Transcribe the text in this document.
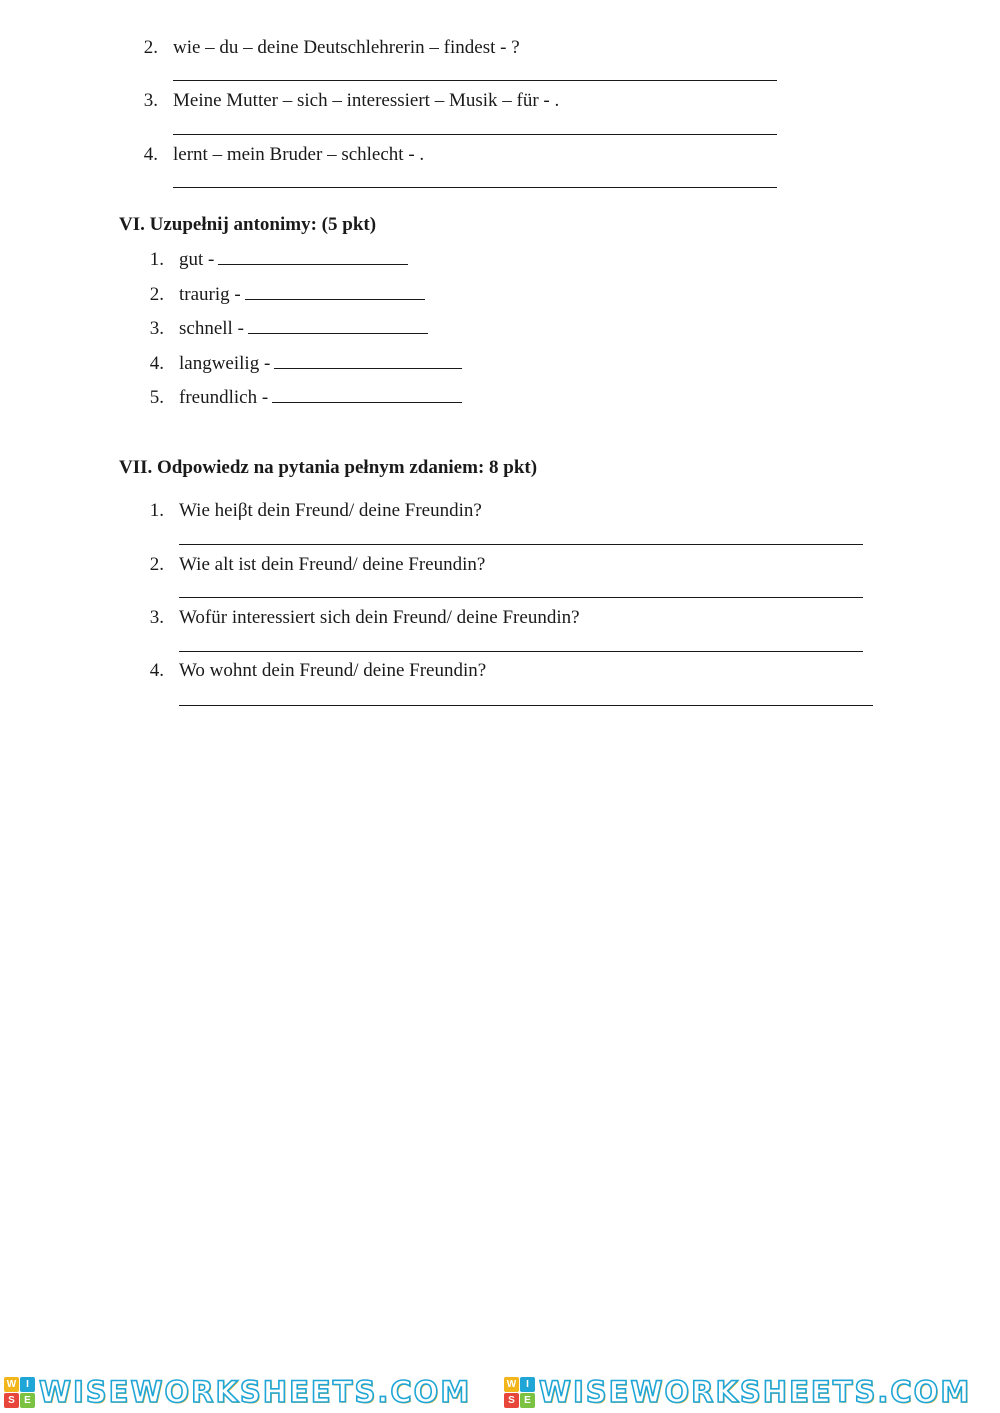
2. wie – du – deine Deutschlehrerin – findest - ?
3. Meine Mutter – sich – interessiert – Musik – für - .
4. lernt – mein Bruder – schlecht - .
VI. Uzupełnij antonimy: (5 pkt)
1. gut -
2. traurig -
3. schnell -
4. langweilig -
5. freundlich -
VII. Odpowiedz na pytania pełnym zdaniem: 8 pkt)
1. Wie heiβt dein Freund/ deine Freundin?
2. Wie alt ist dein Freund/ deine Freundin?
3. Wofür interessiert sich dein Freund/ deine Freundin?
4. Wo wohnt dein Freund/ deine Freundin?
W I
S E WISEWORKSHEETS.COM	W I
S E WISEWORKSHEETS.COM
